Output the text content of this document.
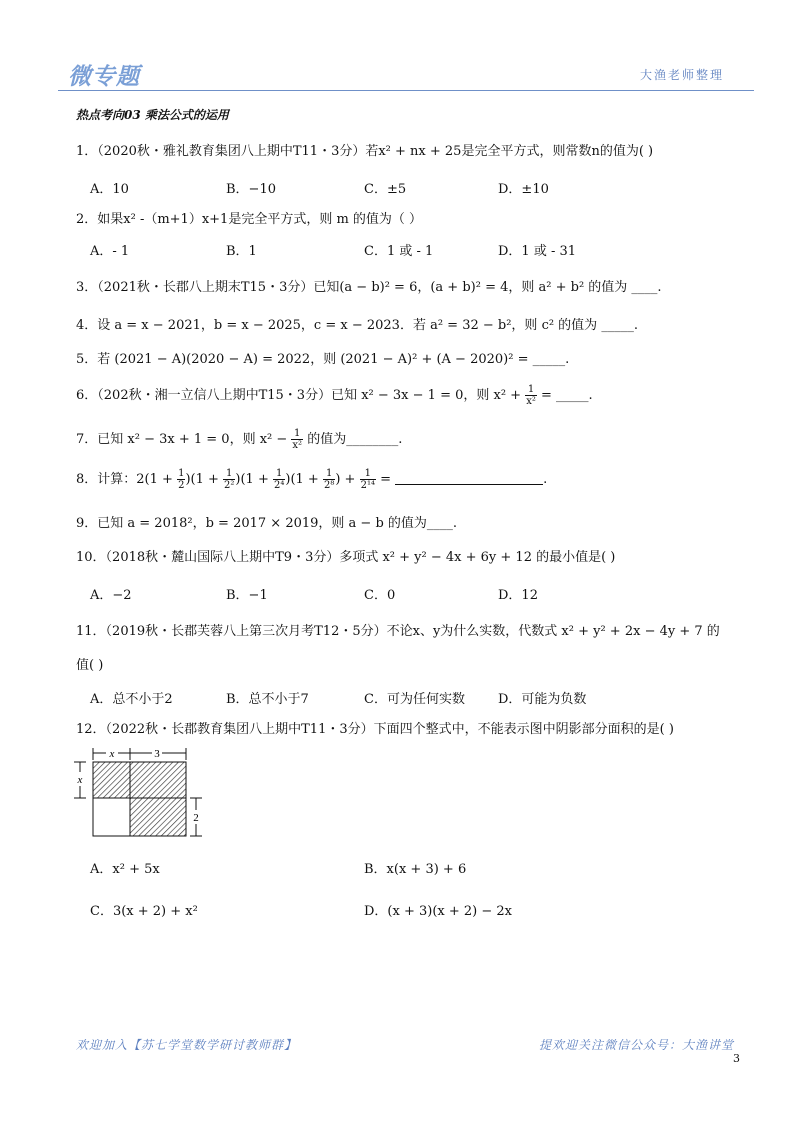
微专题	大渔老师整理
热点考向03 乘法公式的运用
1．（2020秋・雅礼教育集团八上期中T11・3分）若x² + nx + 25是完全平方式，则常数n的值为( )
A．10	B．−10	C．±5	D．±10
2．如果x² -（m+1）x+1是完全平方式，则 m 的值为（ ）
A．- 1	B．1	C．1 或 - 1	D．1 或 - 31
3．（2021秋・长郡八上期末T15・3分）已知(a − b)² = 6，(a + b)² = 4，则 a² + b² 的值为 ____.
4．设 a = x − 2021，b = x − 2025，c = x − 2023．若 a² = 32 − b²，则 c² 的值为 _____.
5．若 (2021 − A)(2020 − A) = 2022，则 (2021 − A)² + (A − 2020)² = _____.
6．（202秋・湘一立信八上期中T15・3分）已知 x² − 3x − 1 = 0，则 $x^2 + \frac{1}{\text{x²}}$ = _____.
7．已知 x² − 3x + 1 = 0，则 $x^2 - \frac{1}{\text{x²}}$ 的值为________.
8．计算：$2(1 + \frac{1}{2} )(1 + \frac{1}{\text{2²}} )(1 + \frac{1}{\text{2⁴}} )(1 + \frac{1}{\text{2⁸}}$ ) + $\frac{1}{\text{2¹⁴}}$ =	.
9．已知 a = 2018²，b = 2017 × 2019，则 a − b 的值为____.
10．（2018秋・麓山国际八上期中T9・3分）多项式 x² + y² − 4x + 6y + 12 的最小值是( )
A．−2	B．−1	C．0	D．12
11．（2019秋・长郡芙蓉八上第三次月考T12・5分）不论x、y为什么实数，代数式 x² + y² + 2x − 4y + 7 的
值( )
A．总不小于2	B．总不小于7	C．可为任何实数	D．可能为负数
12．（2022秋・长郡教育集团八上期中T11・3分）下面四个整式中，不能表示图中阴影部分面积的是( )
x	3
x
2
A．x² + 5x	B．x(x + 3) + 6
C．3(x + 2) + x²	D．(x + 3)(x + 2) − 2x
欢迎加入【苏七学堂数学研讨教师群】	提欢迎关注微信公众号：大渔讲堂
3
